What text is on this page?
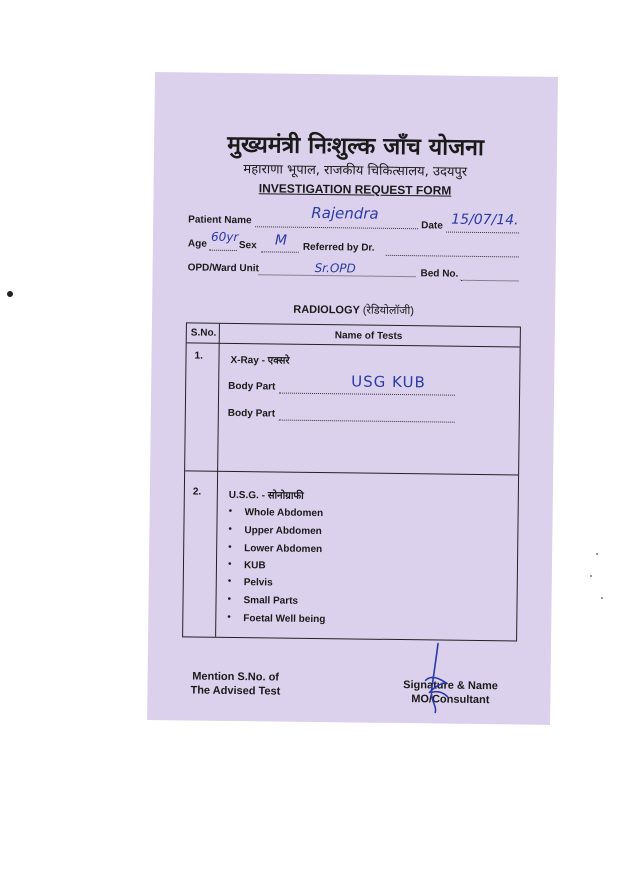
मुख्यमंत्री निःशुल्क जाँच योजना
महाराणा भूपाल, राजकीय चिकित्सालय, उदयपुर
INVESTIGATION REQUEST FORM
Patient Name	Rajendra
Date 15/07/14.
Age
60yr
Sex M Referred by Dr.
OPD/Ward Unit	Sr.OPD	Bed No.
RADIOLOGY (रेडियोलॉजी)
S.No.	Name of Tests
1.	X-Ray - एक्सरे
Body Part	USG KUB
Body Part
2.	U.S.G. - सोनोग्राफी
• Whole Abdomen
• Upper Abdomen
• Lower Abdomen
• KUB
• Pelvis
• Small Parts
• Foetal Well being
Mention S.No. of
The Advised Test	Signature & Name
MO/Consultant
